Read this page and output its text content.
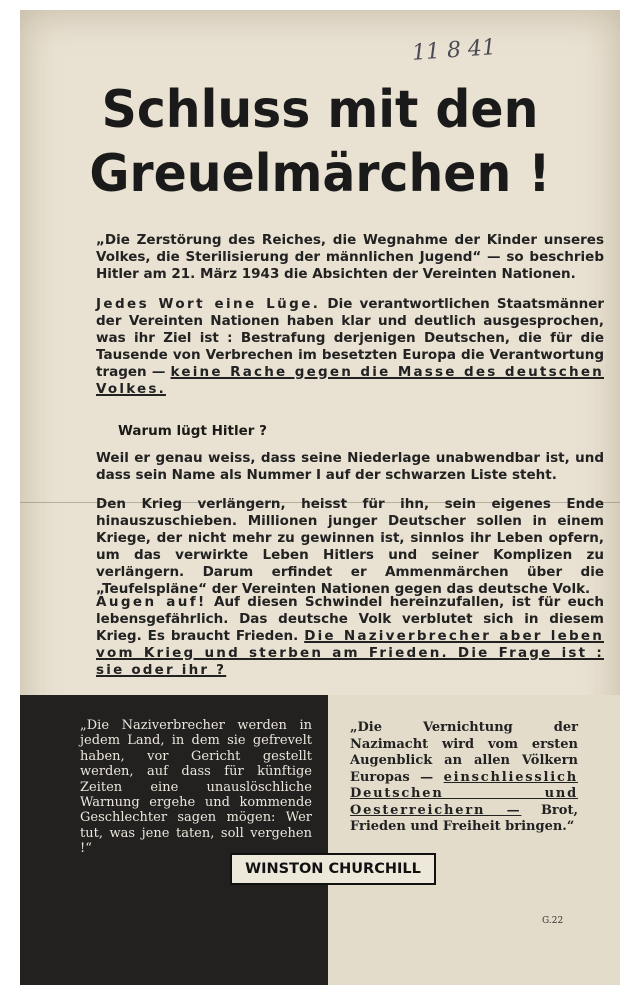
11 8 41
Schluss mit den
Greuelmärchen !
„Die Zerstörung des Reiches, die Wegnahme der Kinder unseres Volkes, die Sterilisierung der männlichen Jugend“ — so beschrieb Hitler am 21. März 1943 die Absichten der Vereinten Nationen.
Jedes Wort eine Lüge. Die verantwortlichen Staatsmänner der Vereinten Nationen haben klar und deutlich ausgesprochen, was ihr Ziel ist : Bestrafung derjenigen Deutschen, die für die Tausende von Verbrechen im besetzten Europa die Verantwortung tragen — keine Rache gegen die Masse des deutschen Volkes.
Warum lügt Hitler ?
Weil er genau weiss, dass seine Niederlage unabwendbar ist, und dass sein Name als Nummer I auf der schwarzen Liste steht.
Den Krieg verlängern, heisst für ihn, sein eigenes Ende hinauszuschieben. Millionen junger Deutscher sollen in einem Kriege, der nicht mehr zu gewinnen ist, sinnlos ihr Leben opfern, um das verwirkte Leben Hitlers und seiner Komplizen zu verlängern. Darum erfindet er Ammenmärchen über die „Teufelspläne“ der Vereinten Nationen gegen das deutsche Volk.
Augen auf! Auf diesen Schwindel hereinzufallen, ist für euch lebensgefährlich. Das deutsche Volk verblutet sich in diesem Krieg. Es braucht Frieden. Die Naziverbrecher aber leben vom Krieg und sterben am Frieden. Die Frage ist : sie oder ihr ?
„Die Naziverbrecher werden in jedem Land, in dem sie gefrevelt haben, vor Gericht gestellt werden, auf dass für künftige Zeiten eine unauslöschliche Warnung ergehe und kommende Geschlechter sagen mögen: Wer tut, was jene taten, soll vergehen !“
„Die Vernichtung der Nazimacht wird vom ersten Augenblick an allen Völkern Europas — einschliesslich Deutschen und Oesterreichern — Brot, Frieden und Freiheit bringen.“
WINSTON CHURCHILL
G.22
